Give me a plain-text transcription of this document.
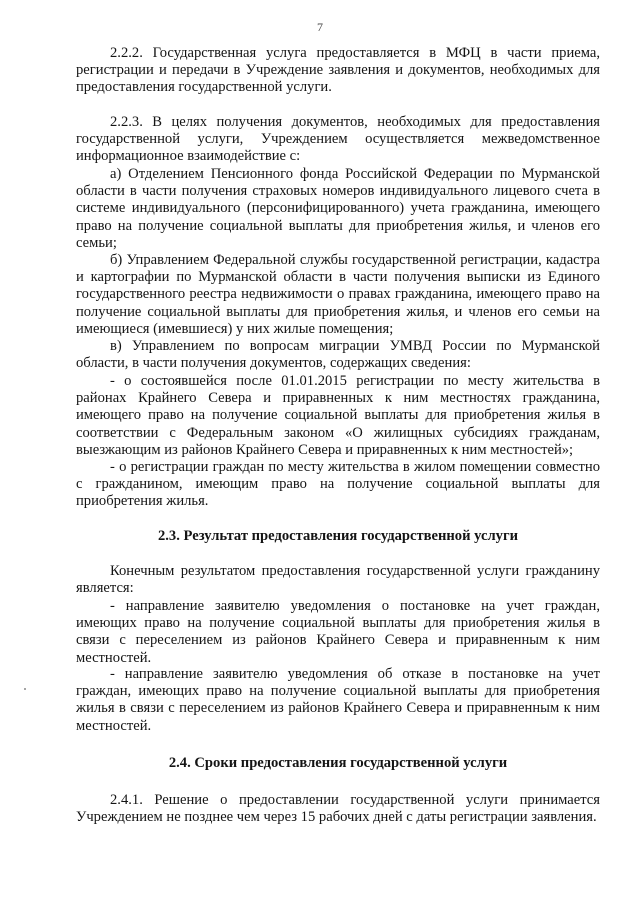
7

2.2.2. Государственная услуга предоставляется в МФЦ в части приема, регистрации и передачи в Учреждение заявления и документов, необходимых для предоставления государственной услуги.

2.2.3. В целях получения документов, необходимых для предоставления государственной услуги, Учреждением осуществляется межведомственное информационное взаимодействие с:

а) Отделением Пенсионного фонда Российской Федерации по Мурманской области в части получения страховых номеров индивидуального лицевого счета в системе индивидуального (персонифицированного) учета гражданина, имеющего право на получение социальной выплаты для приобретения жилья, и членов его семьи;

б) Управлением Федеральной службы государственной регистрации, кадастра и картографии по Мурманской области в части получения выписки из Единого государственного реестра недвижимости о правах гражданина, имеющего право на получение социальной выплаты для приобретения жилья, и членов его семьи на имеющиеся (имевшиеся) у них жилые помещения;

в) Управлением по вопросам миграции УМВД России по Мурманской области, в части получения документов, содержащих сведения:

- о состоявшейся после 01.01.2015 регистрации по месту жительства в районах Крайнего Севера и приравненных к ним местностях гражданина, имеющего право на получение социальной выплаты для приобретения жилья в соответствии с Федеральным законом «О жилищных субсидиях гражданам, выезжающим из районов Крайнего Севера и приравненных к ним местностей»;

- о регистрации граждан по месту жительства в жилом помещении совместно с гражданином, имеющим право на получение социальной выплаты для приобретения жилья.

2.3. Результат предоставления государственной услуги

Конечным результатом предоставления государственной услуги гражданину является:

- направление заявителю уведомления о постановке на учет граждан, имеющих право на получение социальной выплаты для приобретения жилья в связи с переселением из районов Крайнего Севера и приравненным к ним местностей.

- направление заявителю уведомления об отказе в постановке на учет граждан, имеющих право на получение социальной выплаты для приобретения жилья в связи с переселением из районов Крайнего Севера и приравненным к ним местностей.

2.4. Сроки предоставления государственной услуги

2.4.1. Решение о предоставлении государственной услуги принимается Учреждением не позднее чем через 15 рабочих дней с даты регистрации заявления.
